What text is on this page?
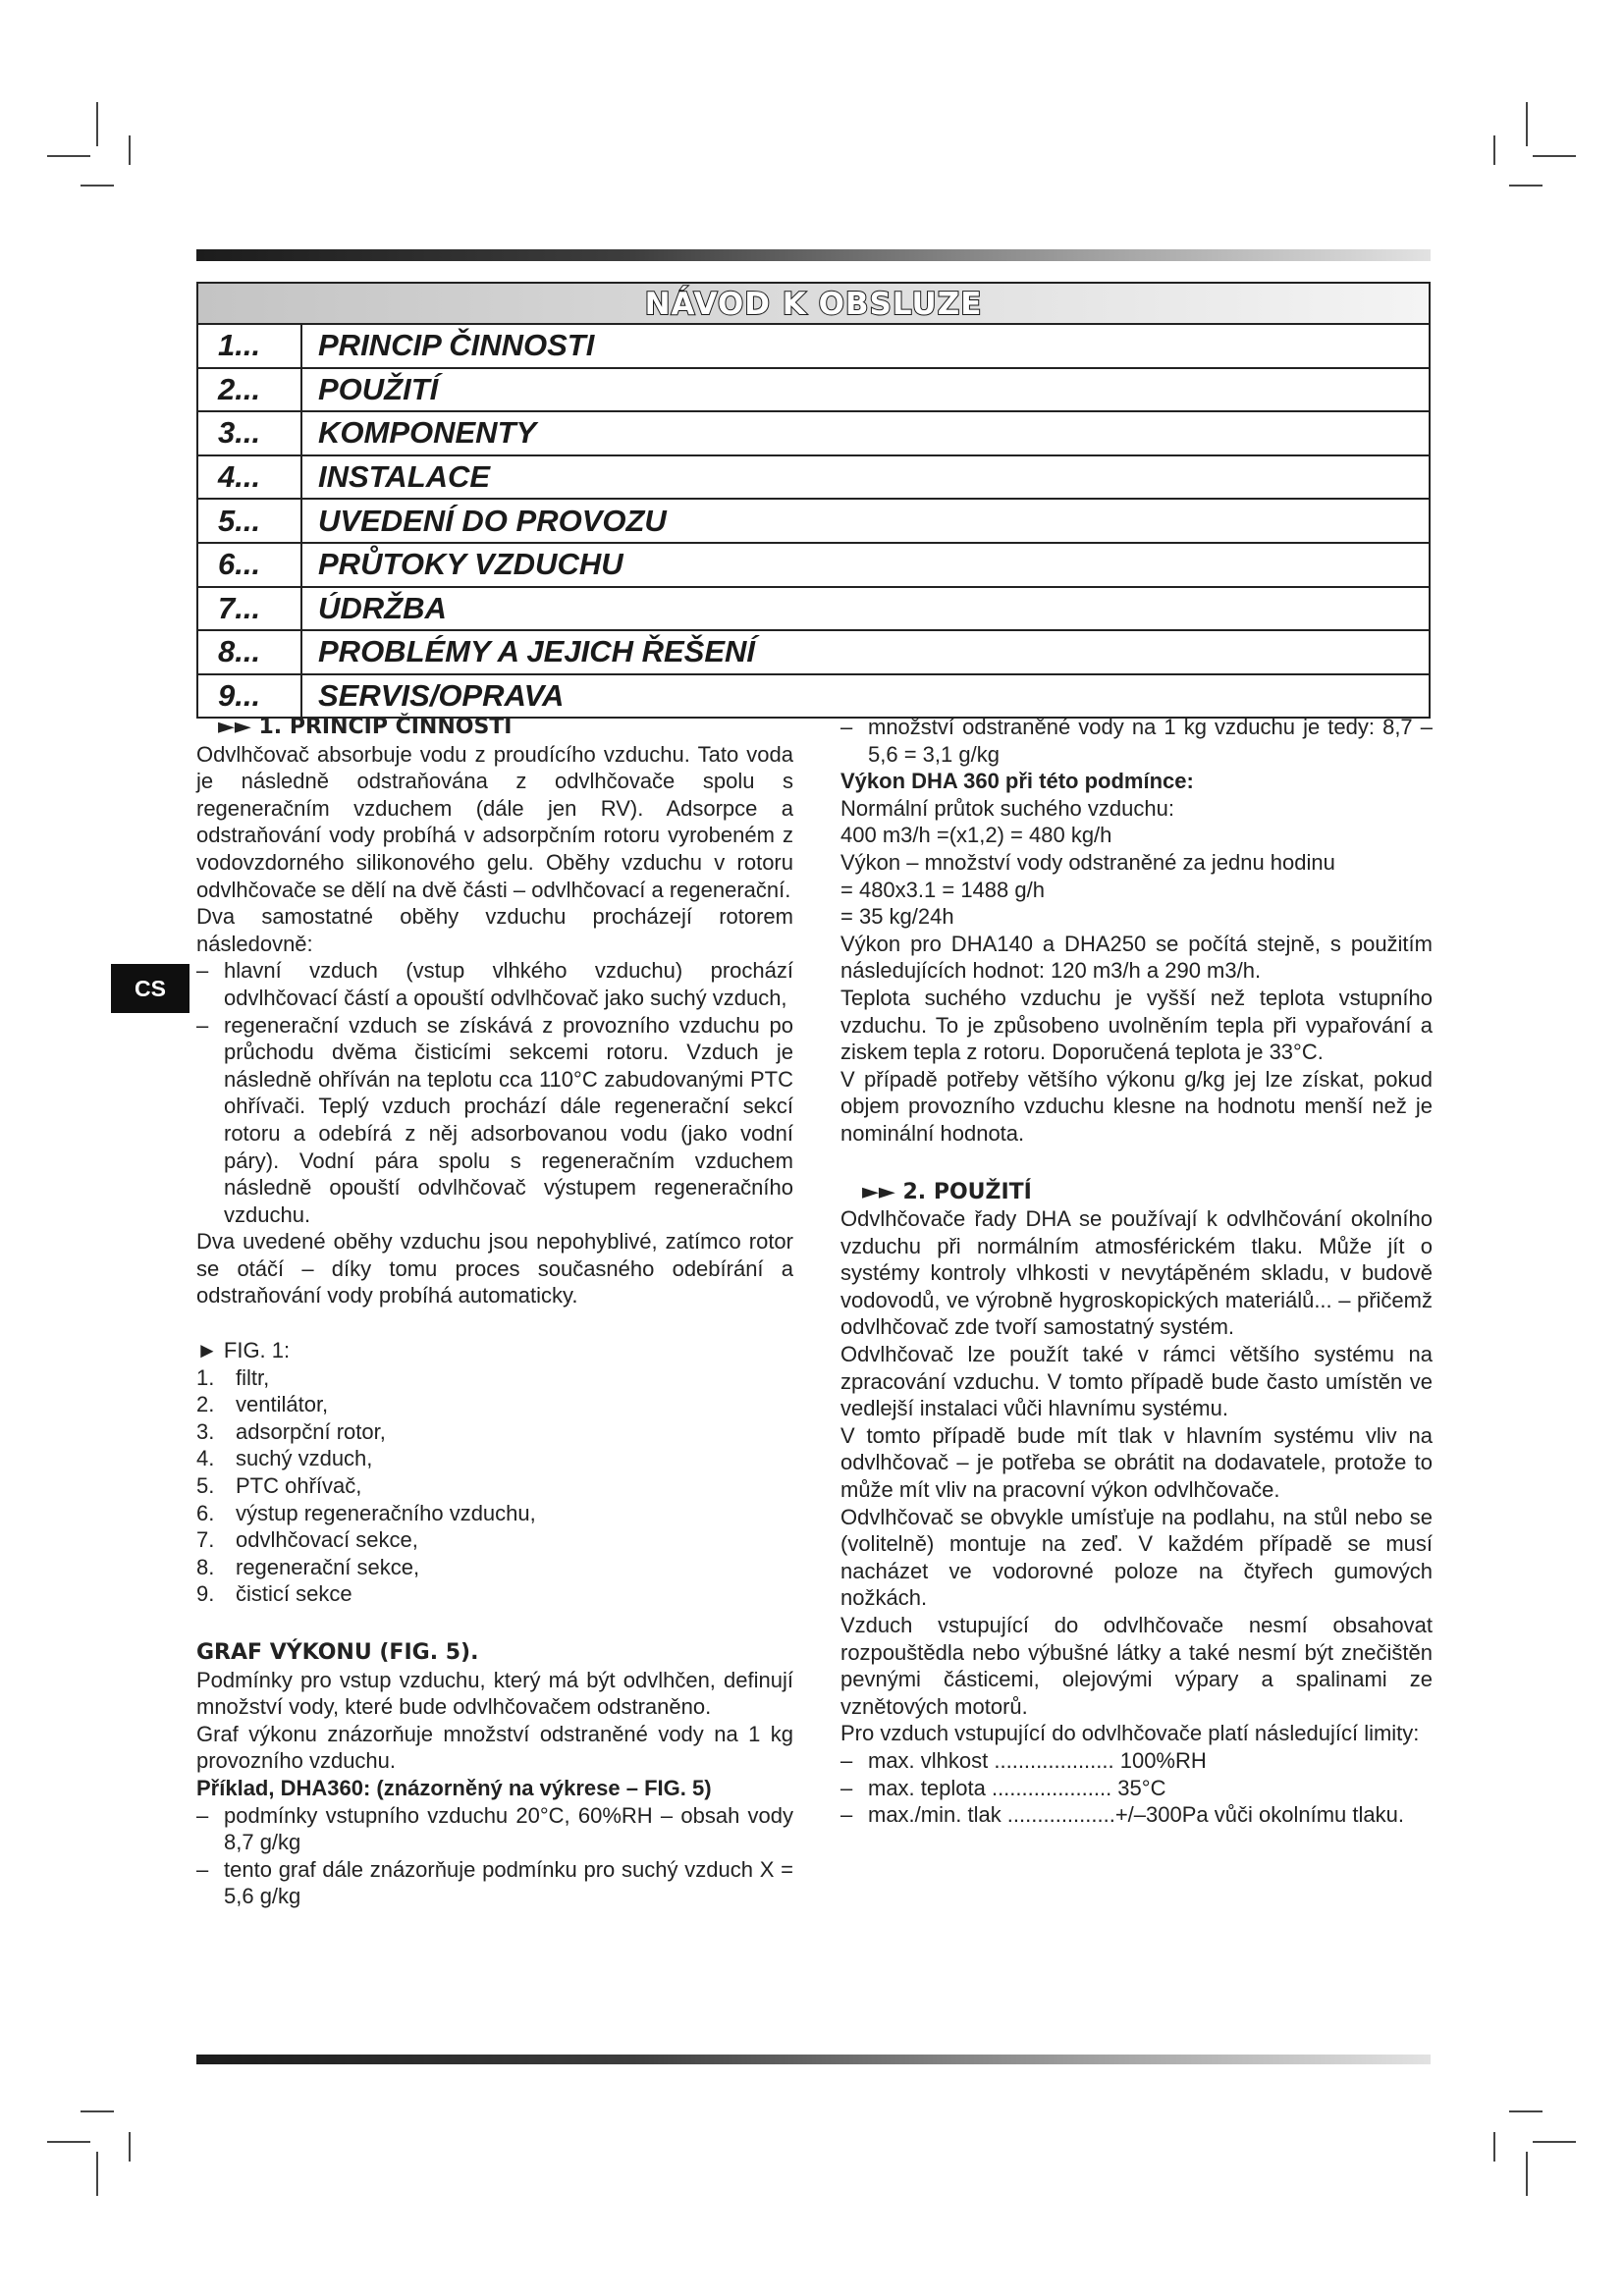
NÁVOD K OBSLUZE
1...	PRINCIP ČINNOSTI
2...	POUŽITÍ
3...	KOMPONENTY
4...	INSTALACE
5...	UVEDENÍ DO PROVOZU
6...	PRŮTOKY VZDUCHU
7...	ÚDRŽBA
8...	PROBLÉMY A JEJICH ŘEŠENÍ
9...	SERVIS/OPRAVA
CS
►► 1. PRINCIP ČINNOSTI

Odvlhčovač absorbuje vodu z proudícího vzduchu. Tato voda je následně odstraňována z odvlhčovače spolu s regeneračním vzduchem (dále jen RV). Adsorpce a odstraňování vody probíhá v adsorpčním rotoru vyrobeném z vodovzdorného silikonového gelu. Oběhy vzduchu v rotoru odvlhčovače se dělí na dvě části – odvlhčovací a regenerační.

Dva samostatné oběhy vzduchu procházejí rotorem následovně:

– hlavní vzduch (vstup vlhkého vzduchu) prochází odvlhčovací částí a opouští odvlhčovač jako suchý vzduch,
– regenerační vzduch se získává z provozního vzduchu po průchodu dvěma čisticími sekcemi rotoru. Vzduch je následně ohříván na teplotu cca 110°C zabudovanými PTC ohřívači. Teplý vzduch prochází dále regenerační sekcí rotoru a odebírá z něj adsorbovanou vodu (jako vodní páry). Vodní pára spolu s regeneračním vzduchem následně opouští odvlhčovač výstupem regeneračního vzduchu.

Dva uvedené oběhy vzduchu jsou nepohyblivé, zatímco rotor se otáčí – díky tomu proces současného odebírání a odstraňování vody probíhá automaticky.

► FIG. 1:
1. filtr,
2. ventilátor,
3. adsorpční rotor,
4. suchý vzduch,
5. PTC ohřívač,
6. výstup regeneračního vzduchu,
7. odvlhčovací sekce,
8. regenerační sekce,
9. čisticí sekce
GRAF VÝKONU (FIG. 5).

Podmínky pro vstup vzduchu, který má být odvlhčen, definují množství vody, které bude odvlhčovačem odstraněno.

Graf výkonu znázorňuje množství odstraněné vody na 1 kg provozního vzduchu.

Příklad, DHA360: (znázorněný na výkrese – FIG. 5)

– podmínky vstupního vzduchu 20°C, 60%RH – obsah vody 8,7 g/kg
– tento graf dále znázorňuje podmínku pro suchý vzduch X = 5,6 g/kg
– množství odstraněné vody na 1 kg vzduchu je tedy: 8,7 – 5,6 = 3,1 g/kg

Výkon DHA 360 při této podmínce:

Normální průtok suchého vzduchu:
400 m3/h =(x1,2) = 480 kg/h
Výkon – množství vody odstraněné za jednu hodinu
= 480x3.1 = 1488 g/h
= 35 kg/24h

Výkon pro DHA140 a DHA250 se počítá stejně, s použitím následujících hodnot: 120 m3/h a 290 m3/h.

Teplota suchého vzduchu je vyšší než teplota vstupního vzduchu. To je způsobeno uvolněním tepla při vypařování a ziskem tepla z rotoru. Doporučená teplota je 33°C.

V případě potřeby většího výkonu g/kg jej lze získat, pokud objem provozního vzduchu klesne na hodnotu menší než je nominální hodnota.

►► 2. POUŽITÍ

Odvlhčovače řady DHA se používají k odvlhčování okolního vzduchu při normálním atmosférickém tlaku. Může jít o systémy kontroly vlhkosti v nevytápěném skladu, v budově vodovodů, ve výrobně hygroskopických materiálů... – přičemž odvlhčovač zde tvoří samostatný systém.

Odvlhčovač lze použít také v rámci většího systému na zpracování vzduchu. V tomto případě bude často umístěn ve vedlejší instalaci vůči hlavnímu systému.

V tomto případě bude mít tlak v hlavním systému vliv na odvlhčovač – je potřeba se obrátit na dodavatele, protože to může mít vliv na pracovní výkon odvlhčovače.

Odvlhčovač se obvykle umísťuje na podlahu, na stůl nebo se (volitelně) montuje na zeď. V každém případě se musí nacházet ve vodorovné poloze na čtyřech gumových nožkách.

Vzduch vstupující do odvlhčovače nesmí obsahovat rozpouštědla nebo výbušné látky a také nesmí být znečištěn pevnými částicemi, olejovými výpary a spalinami ze vznětových motorů.

Pro vzduch vstupující do odvlhčovače platí následující limity:

– max. vlhkost .................... 100%RH
– max. teplota .................... 35°C
– max./min. tlak ..................+/–300Pa vůči okolnímu tlaku.
